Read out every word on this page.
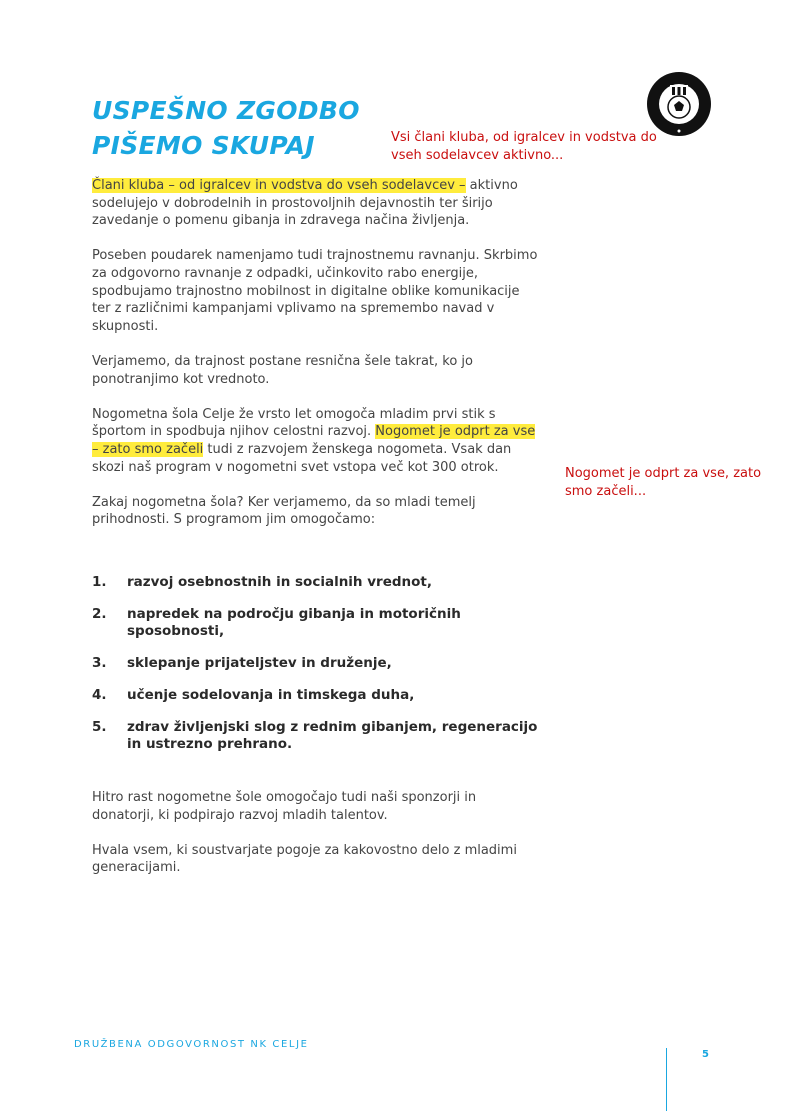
USPEŠNO ZGODBO
PIŠEMO SKUPAJ	Vsi člani kluba, od igralcev in vodstva do vseh sodelavcev aktivno...
Nogomet je odprt za vse, zato smo začeli...

Člani kluba – od igralcev in vodstva do vseh sodelavcev – aktivno sodelujejo v dobrodelnih in prostovoljnih dejavnostih ter širijo zavedanje o pomenu gibanja in zdravega načina življenja.

Poseben poudarek namenjamo tudi trajnostnemu ravnanju. Skrbimo za odgovorno ravnanje z odpadki, učinkovito rabo energije, spodbujamo trajnostno mobilnost in digitalne oblike komunikacije ter z različnimi kampanjami vplivamo na spremembo navad v skupnosti.

Verjamemo, da trajnost postane resnična šele takrat, ko jo ponotranjimo kot vrednoto.

Nogometna šola Celje že vrsto let omogoča mladim prvi stik s športom in spodbuja njihov celostni razvoj. Nogomet je odprt za vse – zato smo začeli tudi z razvojem ženskega nogometa. Vsak dan skozi naš program v nogometni svet vstopa več kot 300 otrok.

Zakaj nogometna šola? Ker verjamemo, da so mladi temelj prihodnosti. S programom jim omogočamo:

1.	razvoj osebnostnih in socialnih vrednot,
2.	napredek na področju gibanja in motoričnih sposobnosti,
3.	sklepanje prijateljstev in druženje,
4.	učenje sodelovanja in timskega duha,
5.	zdrav življenjski slog z rednim gibanjem, regeneracijo in ustrezno prehrano.

Hitro rast nogometne šole omogočajo tudi naši sponzorji in donatorji, ki podpirajo razvoj mladih talentov.

Hvala vsem, ki soustvarjate pogoje za kakovostno delo z mladimi generacijami.

DRUŽBENA ODGOVORNOST NK CELJE
5
